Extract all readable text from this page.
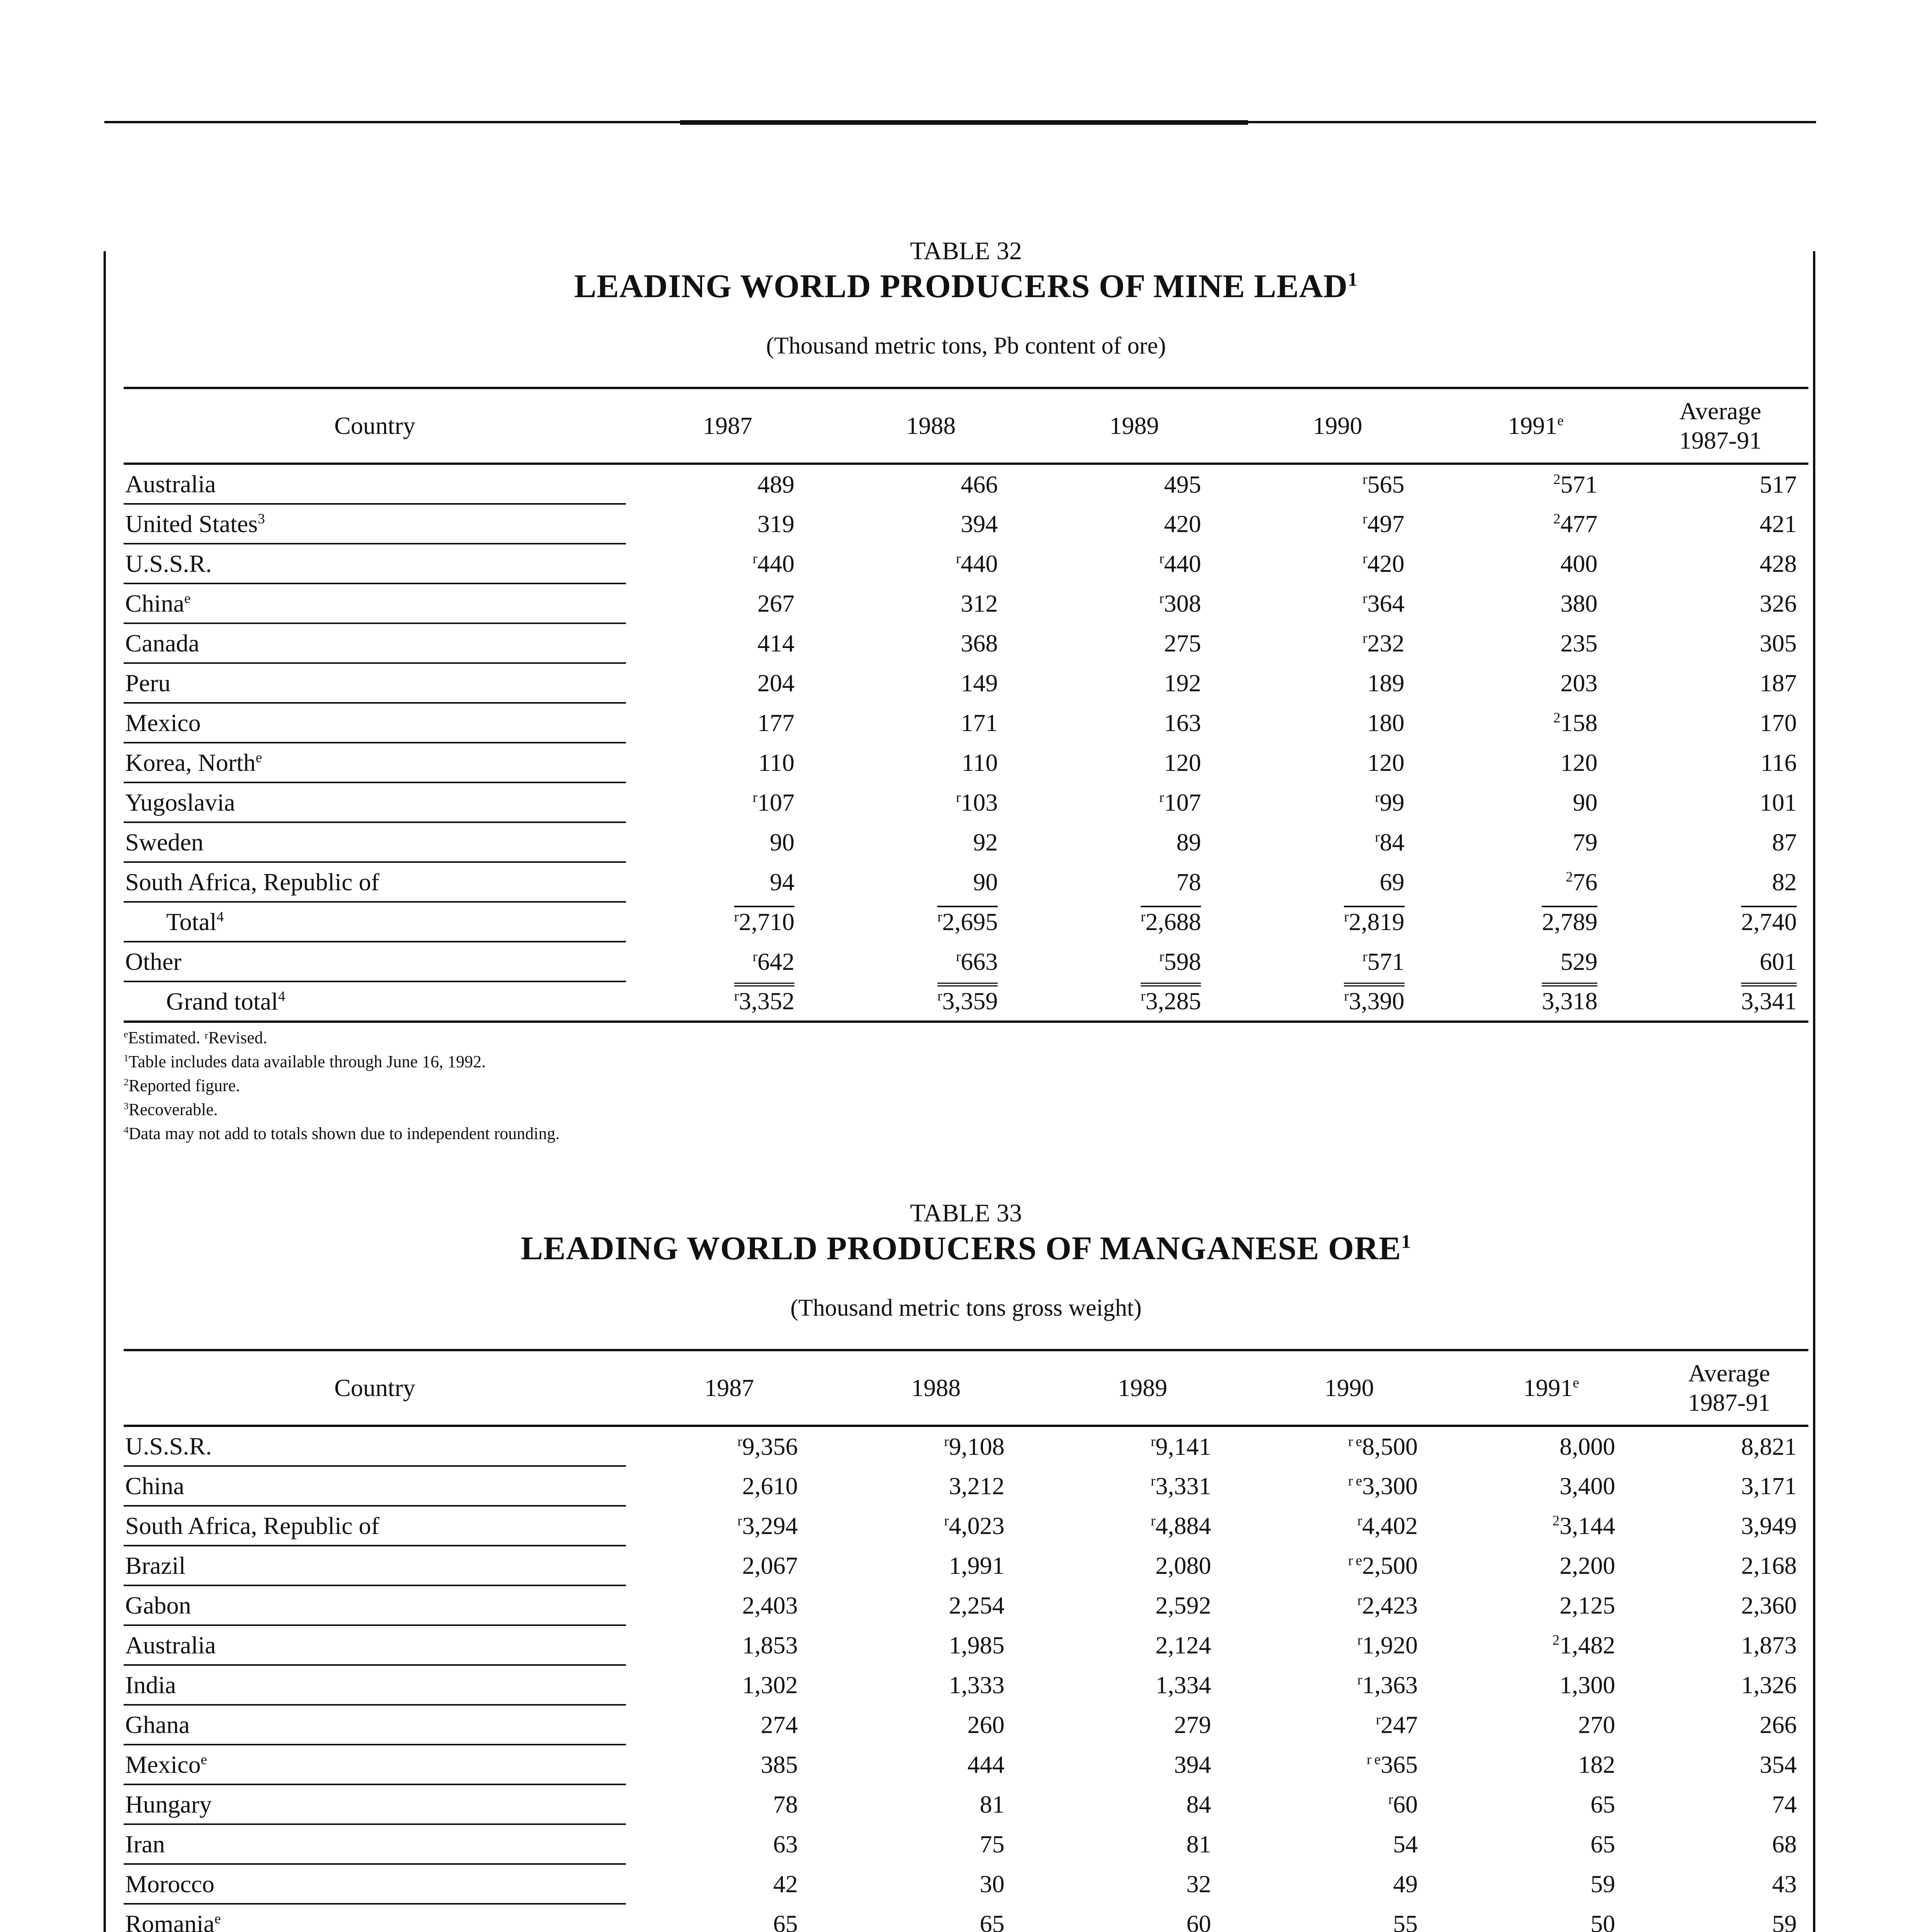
TABLE 32
LEADING WORLD PRODUCERS OF MINE LEAD$^1$
(Thousand metric tons, Pb content of ore)
Country	1987	1988	1989	1990	1991e	Average
1987-91
Australia	489	466	495	$^r$565	$^2$571	517
United States$^3$	319	394	420	$^r$497	$^2$477	421
U.S.S.R.	$^r$440	$^r$440	$^r$440	$^r$420	400	428
China$^e$	267	312	$^r$308	$^r$364	380	326
Canada	414	368	275	$^r$232	235	305
Peru	204	149	192	189	203	187
Mexico	177	171	163	180	$^2$158	170
Korea, North$^e$	110	110	120	120	120	116
Yugoslavia	$^r$107	$^r$103	$^r$107	$^r$99	90	101
Sweden	90	92	89	$^r$84	79	87
South Africa, Republic of	94	90	78	69	$^2$76	82
Total$^4$	$^r$2,710	$^r$2,695	$^r$2,688	$^r$2,819	2,789	2,740
Other	$^r$642	$^r$663	$^r$598	$^r$571	529	601
Grand total$^4$	$^r$3,352	$^r$3,359	$^r$3,285	$^r$3,390	3,318	3,341
$^e$Estimated. ʳRevised.
$^1$Table includes data available through June 16, 1992.
$^2$Reported figure.
$^3$Recoverable.
$^4$Data may not add to totals shown due to independent rounding.
TABLE 33
LEADING WORLD PRODUCERS OF MANGANESE ORE$^1$
(Thousand metric tons gross weight)
Country	1987	1988	1989	1990	1991e	Average
1987-91
U.S.S.R.	$^r$9,356	$^r$9,108	$^r$9,141	$^{r e}$8,500	8,000	8,821
China	2,610	3,212	$^r$3,331	$^{r e}$3,300	3,400	3,171
South Africa, Republic of	$^r$3,294	$^r$4,023	$^r$4,884	$^r$4,402	$^2$3,144	3,949
Brazil	2,067	1,991	2,080	$^{r e}$2,500	2,200	2,168
Gabon	2,403	2,254	2,592	$^r$2,423	2,125	2,360
Australia	1,853	1,985	2,124	$^r$1,920	$^2$1,482	1,873
India	1,302	1,333	1,334	$^r$1,363	1,300	1,326
Ghana	274	260	279	$^r$247	270	266
Mexico$^e$	385	444	394	$^{r e}$365	182	354
Hungary	78	81	84	$^r$60	65	74
Iran	63	75	81	54	65	68
Morocco	42	30	32	49	59	43
Romania$^e$	65	65	60	55	50	59
